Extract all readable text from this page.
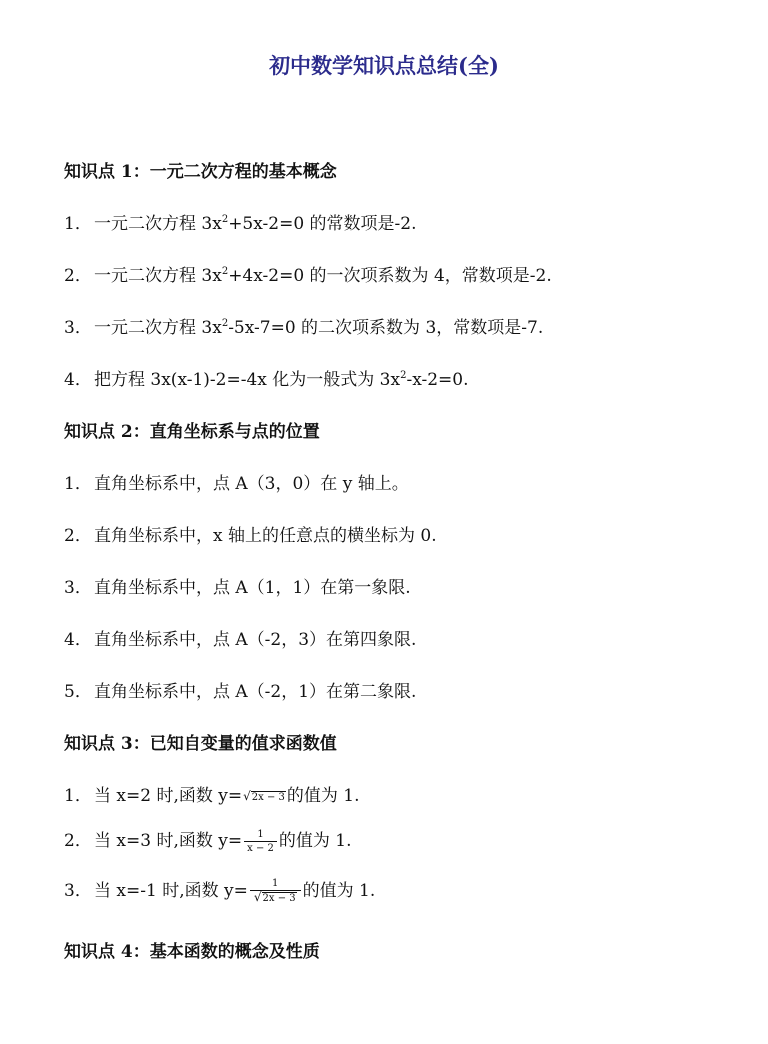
初中数学知识点总结(全)
知识点 1：一元二次方程的基本概念
1． 一元二次方程 $3x^2+5x-2=0$ 的常数项是-2.
2． 一元二次方程 $3x^2+4x-2=0$ 的一次项系数为 4，常数项是-2.
3． 一元二次方程 $3x^2-5x-7=0$ 的二次项系数为 3，常数项是-7.
4． 把方程 3x(x-1)-2=-4x 化为一般式为 $3x^2-x-2=0$.
知识点 2：直角坐标系与点的位置
1． 直角坐标系中，点 A（3，0）在 y 轴上。
2． 直角坐标系中，x 轴上的任意点的横坐标为 0.
3． 直角坐标系中，点 A（1，1）在第一象限.
4． 直角坐标系中，点 A（-2，3）在第四象限.
5． 直角坐标系中，点 A（-2，1）在第二象限.
知识点 3：已知自变量的值求函数值
1． 当 x=2 时,函数 y=√2x − 3 的值为 1.
2． 当 x=3 时,函数 $y= \frac{1}{x - 2}$ 的值为 1.
3． 当 x=-1 时,函数 $y= \frac{1}{√2x - 3}$ 的值为 1.
知识点 4：基本函数的概念及性质
